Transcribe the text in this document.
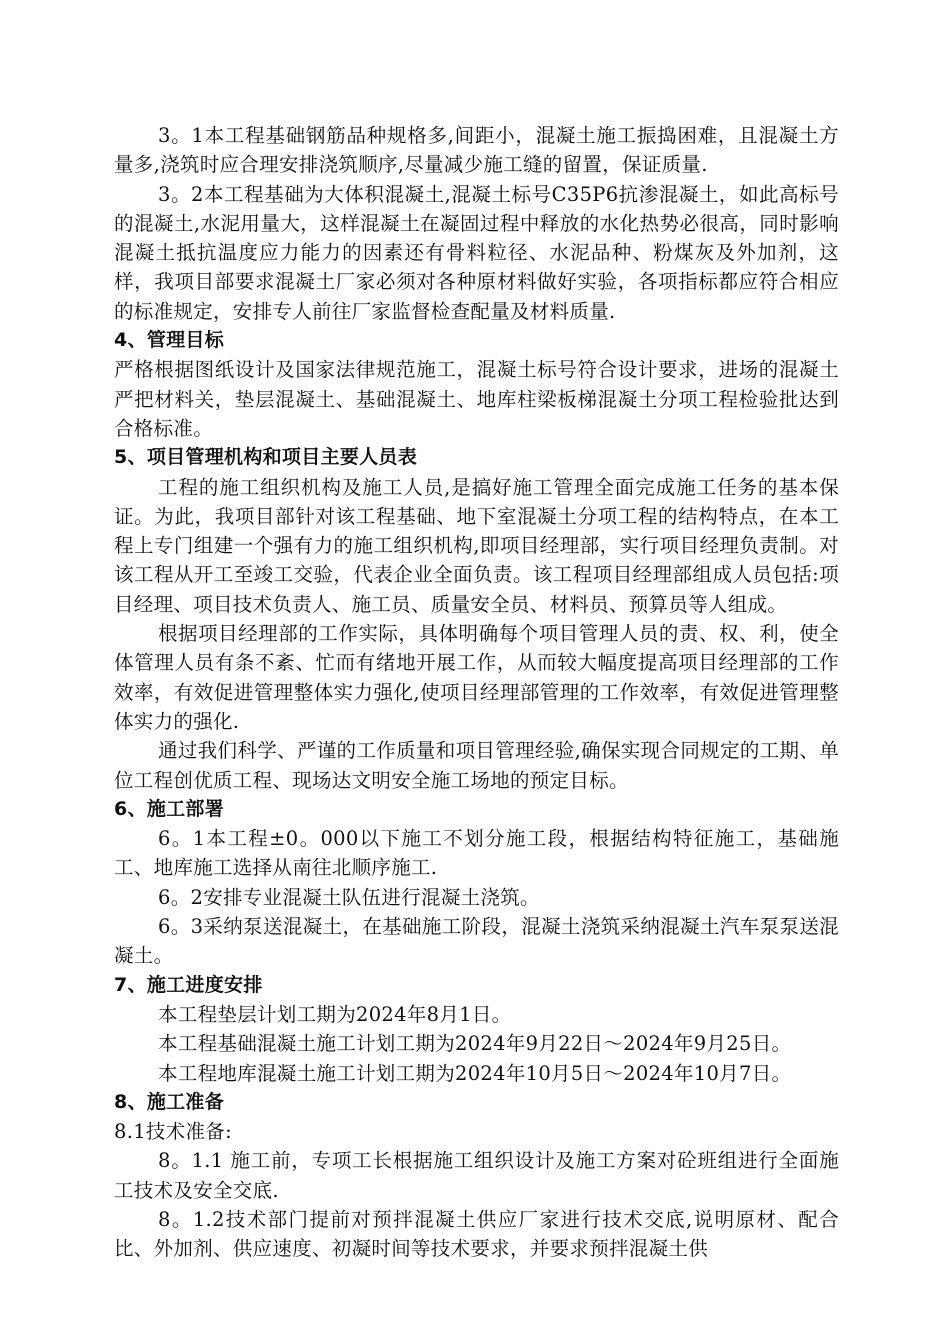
3。1本工程基础钢筋品种规格多,间距小，混凝土施工振捣困难，且混凝土方量多,浇筑时应合理安排浇筑顺序,尽量减少施工缝的留置，保证质量.

3。2本工程基础为大体积混凝土,混凝土标号C35P6抗渗混凝土，如此高标号的混凝土,水泥用量大，这样混凝土在凝固过程中释放的水化热势必很高，同时影响混凝土抵抗温度应力能力的因素还有骨料粒径、水泥品种、粉煤灰及外加剂，这样，我项目部要求混凝土厂家必须对各种原材料做好实验，各项指标都应符合相应的标准规定，安排专人前往厂家监督检查配量及材料质量.

4、管理目标

严格根据图纸设计及国家法律规范施工，混凝土标号符合设计要求，进场的混凝土严把材料关，垫层混凝土、基础混凝土、地库柱梁板梯混凝土分项工程检验批达到合格标准。

5、项目管理机构和项目主要人员表

工程的施工组织机构及施工人员,是搞好施工管理全面完成施工任务的基本保证。为此，我项目部针对该工程基础、地下室混凝土分项工程的结构特点，在本工程上专门组建一个强有力的施工组织机构,即项目经理部，实行项目经理负责制。对该工程从开工至竣工交验，代表企业全面负责。该工程项目经理部组成人员包括:项目经理、项目技术负责人、施工员、质量安全员、材料员、预算员等人组成。

根据项目经理部的工作实际，具体明确每个项目管理人员的责、权、利，使全体管理人员有条不紊、忙而有绪地开展工作，从而较大幅度提高项目经理部的工作效率，有效促进管理整体实力强化,使项目经理部管理的工作效率，有效促进管理整体实力的强化.

通过我们科学、严谨的工作质量和项目管理经验,确保实现合同规定的工期、单位工程创优质工程、现场达文明安全施工场地的预定目标。

6、施工部署

6。1本工程±0。000以下施工不划分施工段，根据结构特征施工，基础施工、地库施工选择从南往北顺序施工.

6。2安排专业混凝土队伍进行混凝土浇筑。

6。3采纳泵送混凝土，在基础施工阶段，混凝土浇筑采纳混凝土汽车泵泵送混凝土。

7、施工进度安排

本工程垫层计划工期为2024年8月1日。

本工程基础混凝土施工计划工期为2024年9月22日～2024年9月25日。

本工程地库混凝土施工计划工期为2024年10月5日～2024年10月7日。

8、施工准备

8.1技术准备:

8。1.1 施工前，专项工长根据施工组织设计及施工方案对砼班组进行全面施工技术及安全交底.

8。1.2技术部门提前对预拌混凝土供应厂家进行技术交底,说明原材、配合比、外加剂、供应速度、初凝时间等技术要求，并要求预拌混凝土供
